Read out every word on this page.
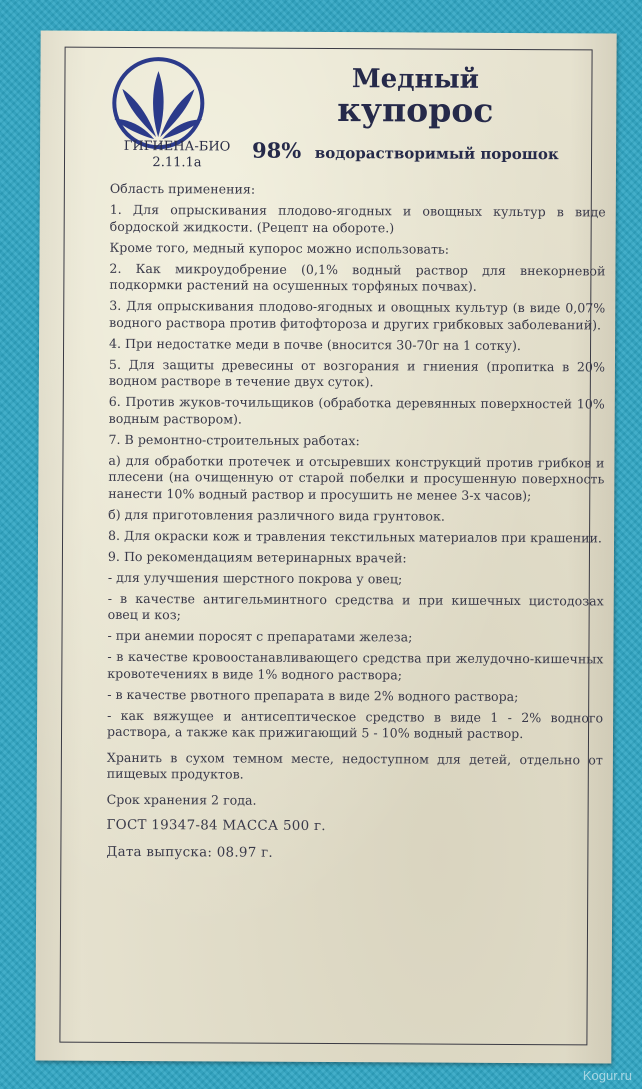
Медный
купорос
ГИГИЕНА-БИО
2.11.1а
98% водорастворимый порошок

Область применения:

1. Для опрыскивания плодово-ягодных и овощных культур в виде бордоской жидкости. (Рецепт на обороте.)

Кроме того, медный купорос можно использовать:

2. Как микроудобрение (0,1% водный раствор для внекорневой подкормки растений на осушенных торфяных почвах).

3. Для опрыскивания плодово-ягодных и овощных культур (в виде 0,07% водного раствора против фитофтороза и других грибковых заболеваний).

4. При недостатке меди в почве (вносится 30-70г на 1 сотку).

5. Для защиты древесины от возгорания и гниения (пропитка в 20% водном растворе в течение двух суток).

6. Против жуков-точильщиков (обработка деревянных поверхностей 10% водным раствором).

7. В ремонтно-строительных работах:

а) для обработки протечек и отсыревших конструкций против грибков и плесени (на очищенную от старой побелки и просушенную поверхность нанести 10% водный раствор и просушить не менее 3-х часов);

б) для приготовления различного вида грунтовок.

8. Для окраски кож и травления текстильных материалов при крашении.

9. По рекомендациям ветеринарных врачей:

- для улучшения шерстного покрова у овец;

- в качестве антигельминтного средства и при кишечных цистодозах овец и коз;

- при анемии поросят с препаратами железа;

- в качестве кровоостанавливающего средства при желудочно-кишечных кровотечениях в виде 1% водного раствора;

- в качестве рвотного препарата в виде 2% водного раствора;

- как вяжущее и антисептическое средство в виде 1 - 2% водного раствора, а также как прижигающий 5 - 10% водный раствор.

Хранить в сухом темном месте, недоступном для детей, отдельно от пищевых продуктов.

Срок хранения 2 года.

ГОСТ 19347-84 МАССА 500 г.

Дата выпуска: 08.97 г.

Kogur.ru
